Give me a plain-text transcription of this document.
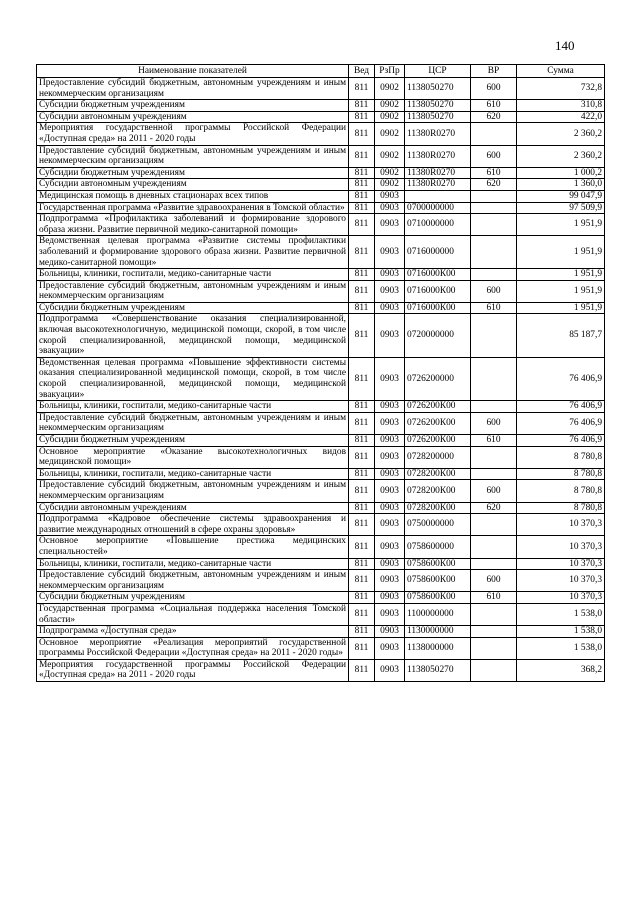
140
Наименование показателей	Вед	РзПр	ЦСР	ВР	Сумма
Предоставление субсидий бюджетным, автономным учреждениям и иным некоммерческим организациям	811	0902	1138050270	600	732,8
Субсидии бюджетным учреждениям	811	0902	1138050270	610	310,8
Субсидии автономным учреждениям	811	0902	1138050270	620	422,0
Мероприятия государственной программы Российской Федерации «Доступная среда» на 2011 - 2020 годы	811	0902	11380R0270		2 360,2
Предоставление субсидий бюджетным, автономным учреждениям и иным некоммерческим организациям	811	0902	11380R0270	600	2 360,2
Субсидии бюджетным учреждениям	811	0902	11380R0270	610	1 000,2
Субсидии автономным учреждениям	811	0902	11380R0270	620	1 360,0
Медицинская помощь в дневных стационарах всех типов	811	0903			99 047,9
Государственная программа «Развитие здравоохранения в Томской области»	811	0903	0700000000		97 509,9
Подпрограмма «Профилактика заболеваний и формирование здорового образа жизни. Развитие первичной медико-санитарной помощи»	811	0903	0710000000		1 951,9
Ведомственная целевая программа «Развитие системы профилактики заболеваний и формирование здорового образа жизни. Развитие первичной медико-санитарной помощи»	811	0903	0716000000		1 951,9
Больницы, клиники, госпитали, медико-санитарные части	811	0903	0716000К00		1 951,9
Предоставление субсидий бюджетным, автономным учреждениям и иным некоммерческим организациям	811	0903	0716000К00	600	1 951,9
Субсидии бюджетным учреждениям	811	0903	0716000К00	610	1 951,9
Подпрограмма «Совершенствование оказания специализированной, включая высокотехнологичную, медицинской помощи, скорой, в том числе скорой специализированной, медицинской помощи, медицинской эвакуации»	811	0903	0720000000		85 187,7
Ведомственная целевая программа «Повышение эффективности системы оказания специализированной медицинской помощи, скорой, в том числе скорой специализированной, медицинской помощи, медицинской эвакуации»	811	0903	0726200000		76 406,9
Больницы, клиники, госпитали, медико-санитарные части	811	0903	0726200К00		76 406,9
Предоставление субсидий бюджетным, автономным учреждениям и иным некоммерческим организациям	811	0903	0726200К00	600	76 406,9
Субсидии бюджетным учреждениям	811	0903	0726200К00	610	76 406,9
Основное мероприятие «Оказание высокотехнологичных видов медицинской помощи»	811	0903	0728200000		8 780,8
Больницы, клиники, госпитали, медико-санитарные части	811	0903	0728200К00		8 780,8
Предоставление субсидий бюджетным, автономным учреждениям и иным некоммерческим организациям	811	0903	0728200К00	600	8 780,8
Субсидии автономным учреждениям	811	0903	0728200К00	620	8 780,8
Подпрограмма «Кадровое обеспечение системы здравоохранения и развитие международных отношений в сфере охраны здоровья»	811	0903	0750000000		10 370,3
Основное мероприятие «Повышение престижа медицинских специальностей»	811	0903	0758600000		10 370,3
Больницы, клиники, госпитали, медико-санитарные части	811	0903	0758600К00		10 370,3
Предоставление субсидий бюджетным, автономным учреждениям и иным некоммерческим организациям	811	0903	0758600К00	600	10 370,3
Субсидии бюджетным учреждениям	811	0903	0758600К00	610	10 370,3
Государственная программа «Социальная поддержка населения Томской области»	811	0903	1100000000		1 538,0
Подпрограмма «Доступная среда»	811	0903	1130000000		1 538,0
Основное мероприятие «Реализация мероприятий государственной программы Российской Федерации «Доступная среда» на 2011 - 2020 годы»	811	0903	1138000000		1 538,0
Мероприятия государственной программы Российской Федерации «Доступная среда» на 2011 - 2020 годы	811	0903	1138050270		368,2
